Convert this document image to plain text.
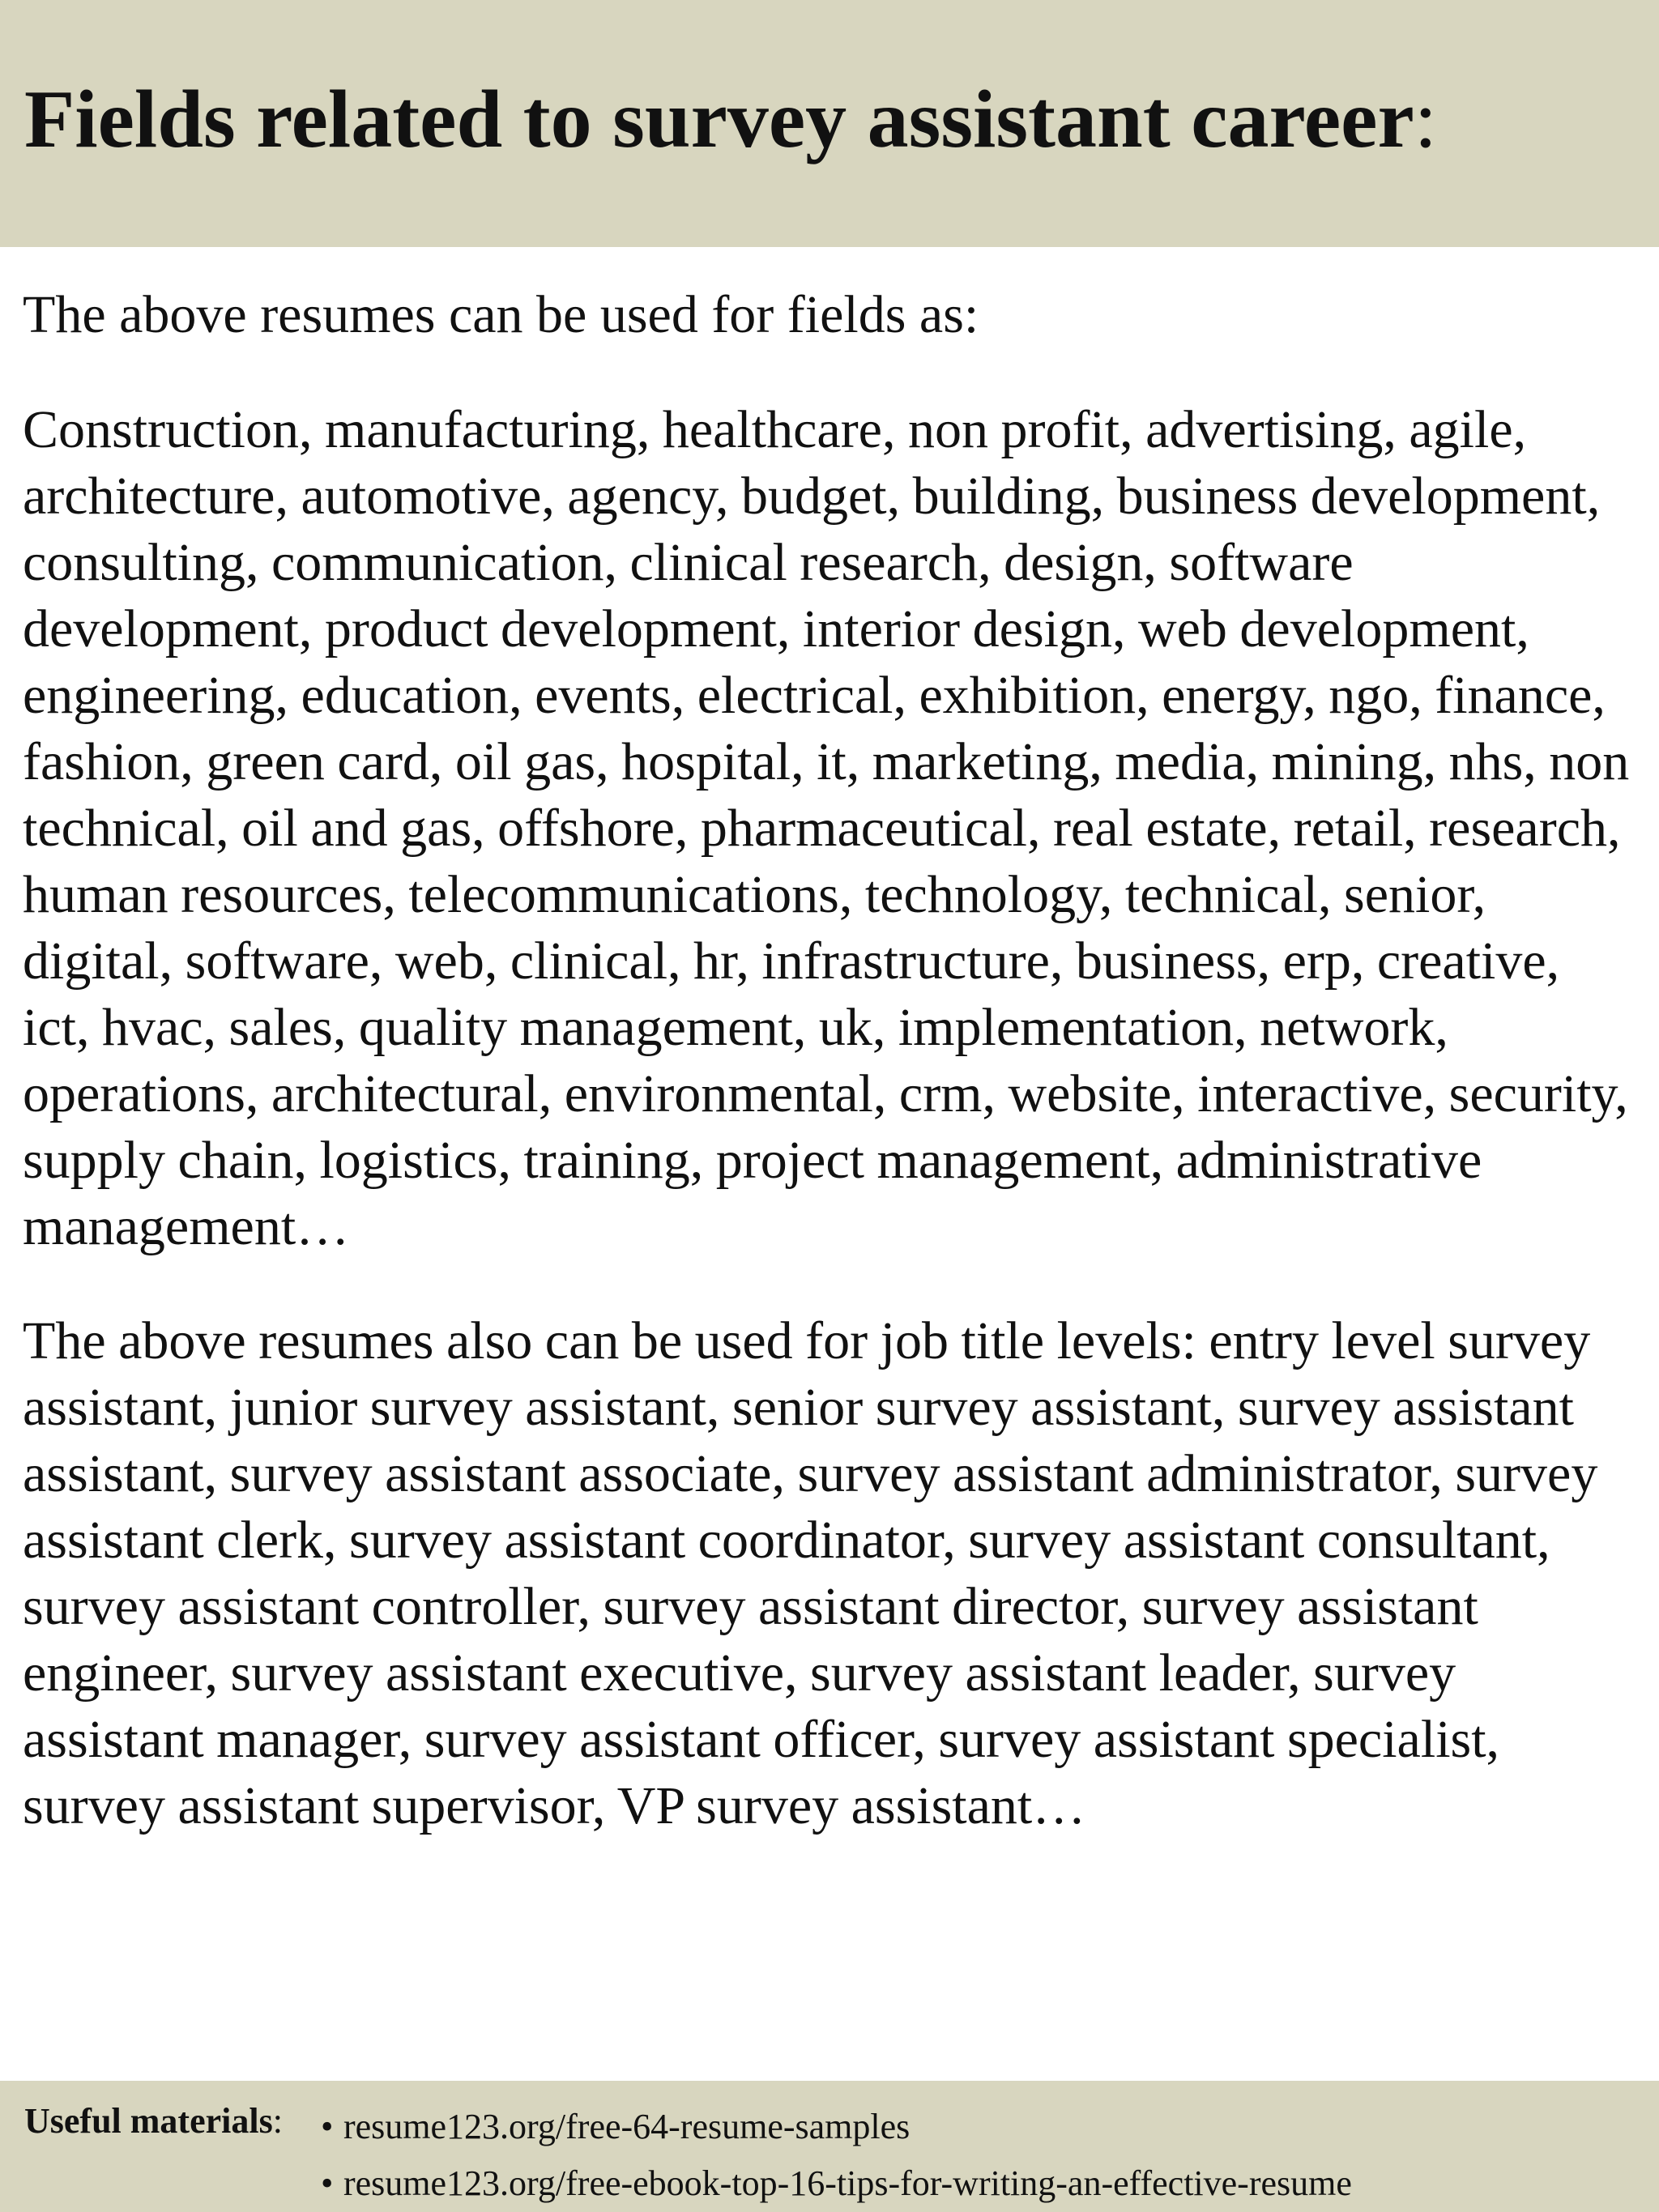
Fields related to survey assistant career:

The above resumes can be used for fields as:

Construction, manufacturing, healthcare, non profit, advertising, agile, architecture, automotive, agency, budget, building, business development, consulting, communication, clinical research, design, software development, product development, interior design, web development, engineering, education, events, electrical, exhibition, energy, ngo, finance, fashion, green card, oil gas, hospital, it, marketing, media, mining, nhs, non technical, oil and gas, offshore, pharmaceutical, real estate, retail, research, human resources, telecommunications, technology, technical, senior, digital, software, web, clinical, hr, infrastructure, business, erp, creative, ict, hvac, sales, quality management, uk, implementation, network, operations, architectural, environmental, crm, website, interactive, security, supply chain, logistics, training, project management, administrative management…

The above resumes also can be used for job title levels: entry level survey assistant, junior survey assistant, senior survey assistant, survey assistant assistant, survey assistant associate, survey assistant administrator, survey assistant clerk, survey assistant coordinator, survey assistant consultant, survey assistant controller, survey assistant director, survey assistant engineer, survey assistant executive, survey assistant leader, survey assistant manager, survey assistant officer, survey assistant specialist, survey assistant supervisor, VP survey assistant…

Useful materials: • resume123.org/free-64-resume-samples
• resume123.org/free-ebook-top-16-tips-for-writing-an-effective-resume
